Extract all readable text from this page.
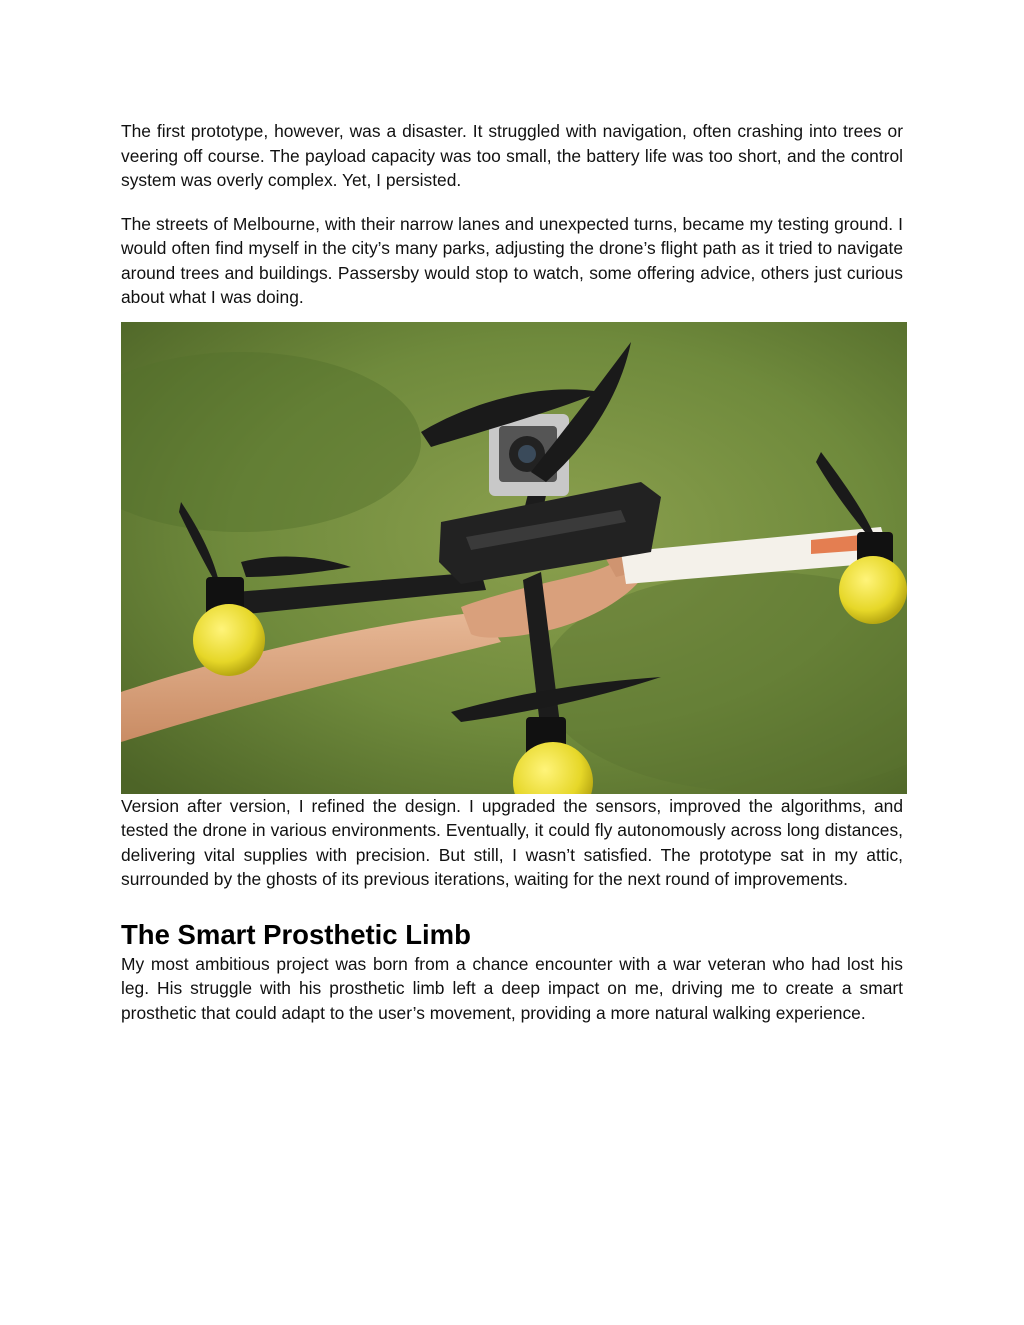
The first prototype, however, was a disaster. It struggled with navigation, often crashing into trees or veering off course. The payload capacity was too small, the battery life was too short, and the control system was overly complex. Yet, I persisted.

The streets of Melbourne, with their narrow lanes and unexpected turns, became my testing ground. I would often find myself in the city’s many parks, adjusting the drone’s flight path as it tried to navigate around trees and buildings. Passersby would stop to watch, some offering advice, others just curious about what I was doing.

Version after version, I refined the design. I upgraded the sensors, improved the algorithms, and tested the drone in various environments. Eventually, it could fly autonomously across long distances, delivering vital supplies with precision. But still, I wasn’t satisfied. The prototype sat in my attic, surrounded by the ghosts of its previous iterations, waiting for the next round of improvements.

The Smart Prosthetic Limb

My most ambitious project was born from a chance encounter with a war veteran who had lost his leg. His struggle with his prosthetic limb left a deep impact on me, driving me to create a smart prosthetic that could adapt to the user’s movement, providing a more natural walking experience.
